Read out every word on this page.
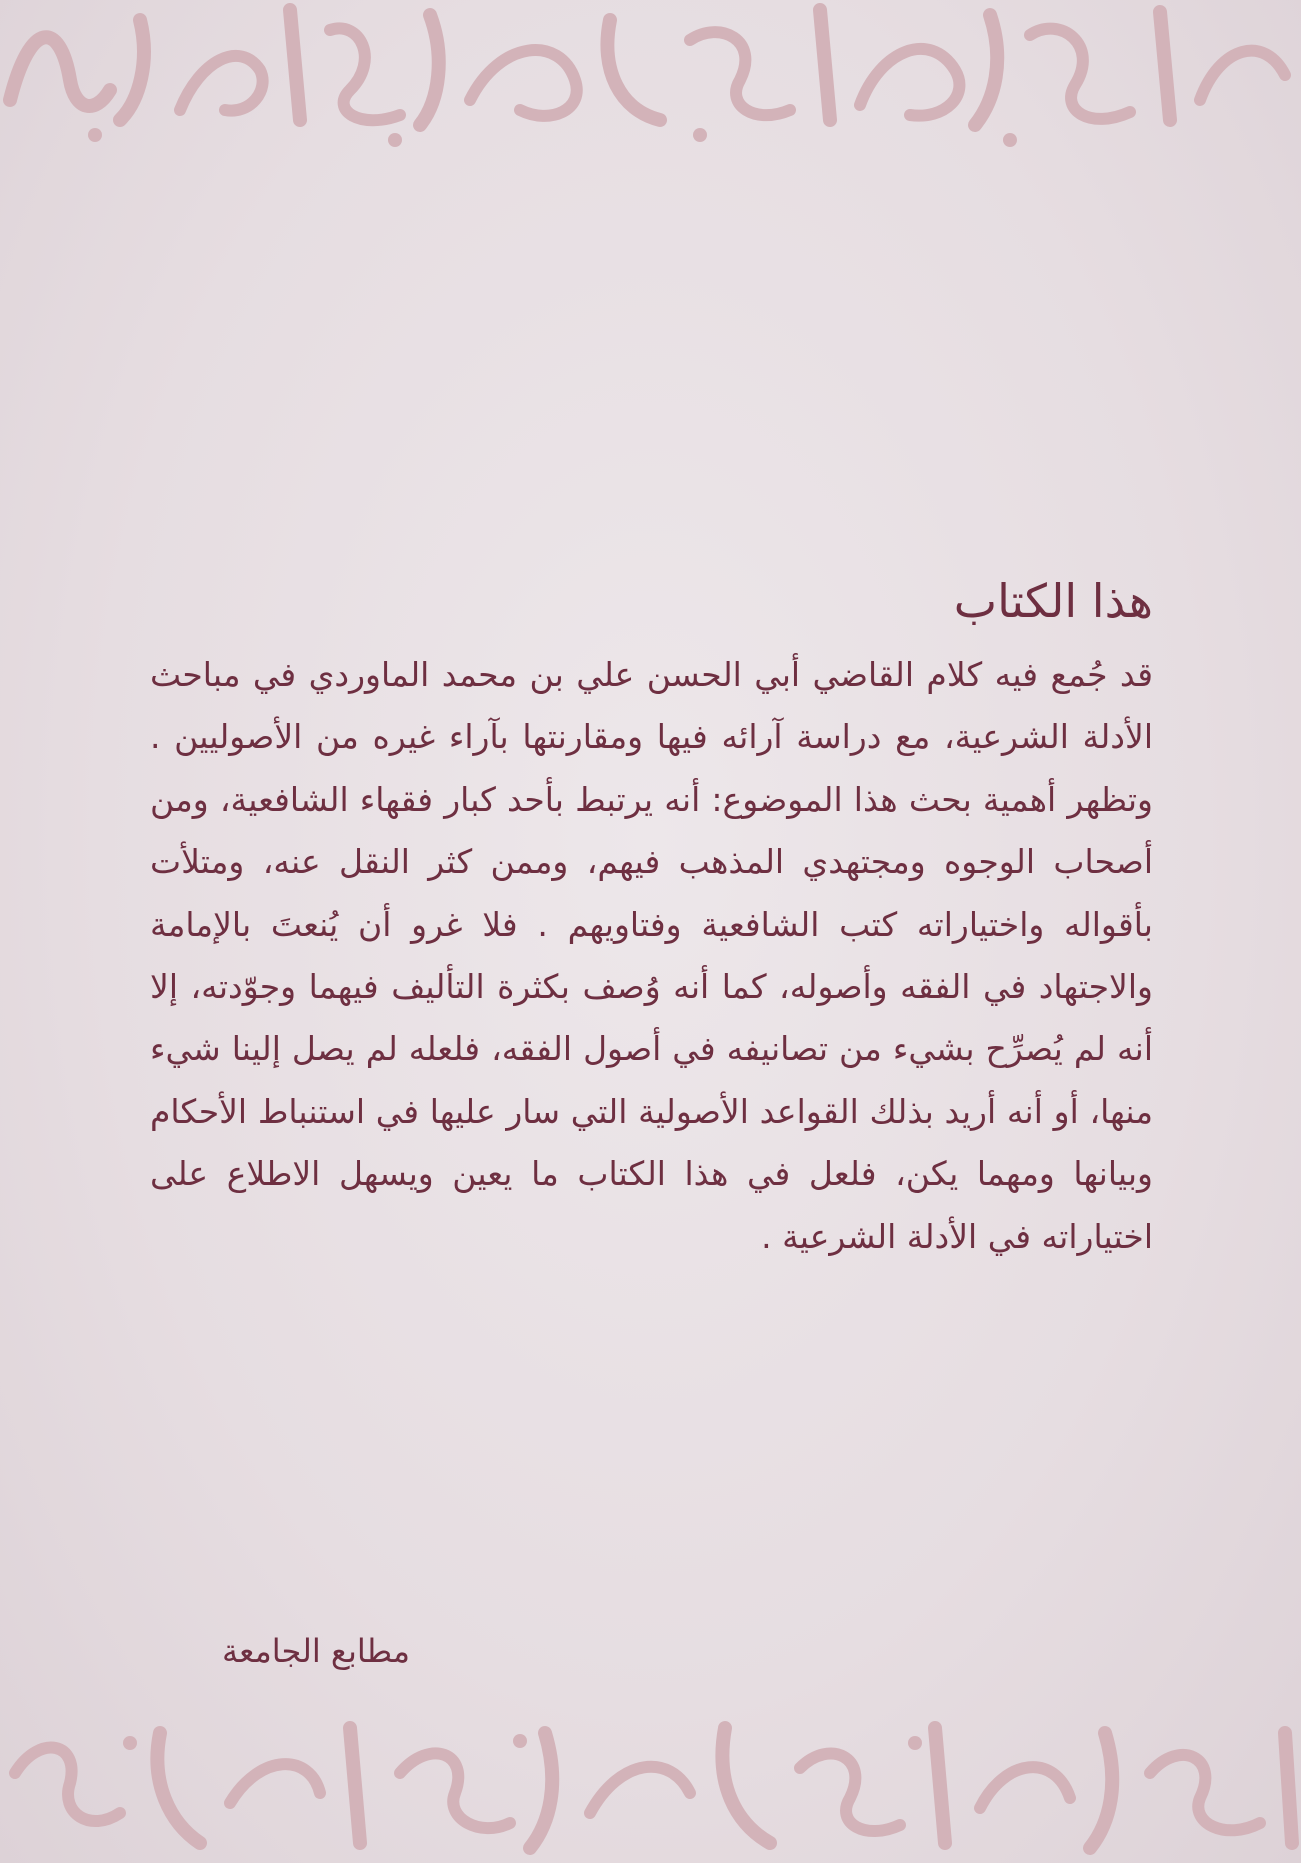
هذا الكتاب

قد جُمع فيه كلام القاضي أبي الحسن علي بن محمد الماوردي في مباحث الأدلة الشرعية، مع دراسة آرائه فيها ومقارنتها بآراء غيره من الأصوليين . وتظهر أهمية بحث هذا الموضوع: أنه يرتبط بأحد كبار فقهاء الشافعية، ومن أصحاب الوجوه ومجتهدي المذهب فيهم، وممن كثر النقل عنه، ومتلأت بأقواله واختياراته كتب الشافعية وفتاويهم . فلا غرو أن يُنعتَ بالإمامة والاجتهاد في الفقه وأصوله، كما أنه وُصف بكثرة التأليف فيهما وجوّدته، إلا أنه لم يُصرِّح بشيء من تصانيفه في أصول الفقه، فلعله لم يصل إلينا شيء منها، أو أنه أريد بذلك القواعد الأصولية التي سار عليها في استنباط الأحكام وبيانها ومهما يكن، فلعل في هذا الكتاب ما يعين ويسهل الاطلاع على اختياراته في الأدلة الشرعية .

مطابع الجامعة
